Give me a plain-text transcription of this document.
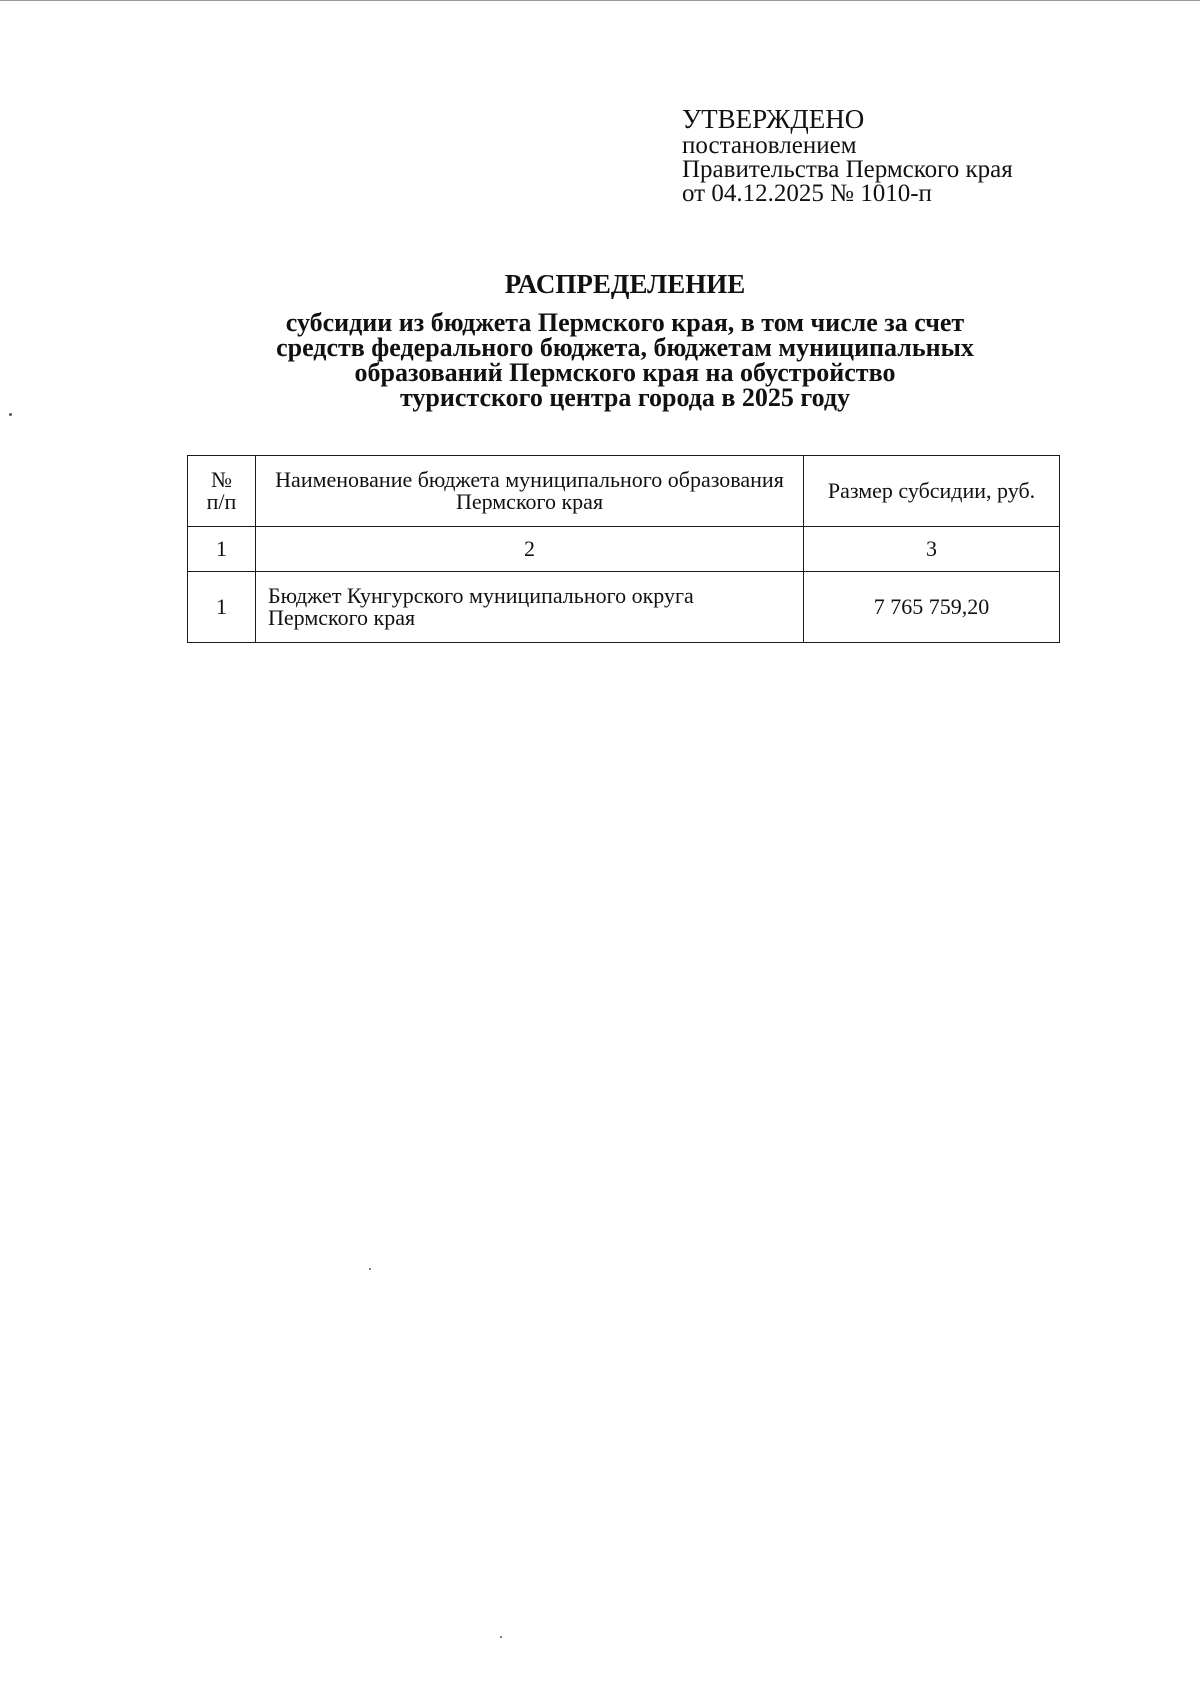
УТВЕРЖДЕНО
постановлением
Правительства Пермского края
от 04.12.2025 № 1010-п
РАСПРЕДЕЛЕНИЕ
субсидии из бюджета Пермского края, в том числе за счет
средств федерального бюджета, бюджетам муниципальных
образований Пермского края на обустройство
туристского центра города в 2025 году
№
п/п	Наименование бюджета муниципального образования Пермского края	Размер субсидии, руб.
1	2	3
1	Бюджет Кунгурского муниципального округа Пермского края	7 765 759,20
